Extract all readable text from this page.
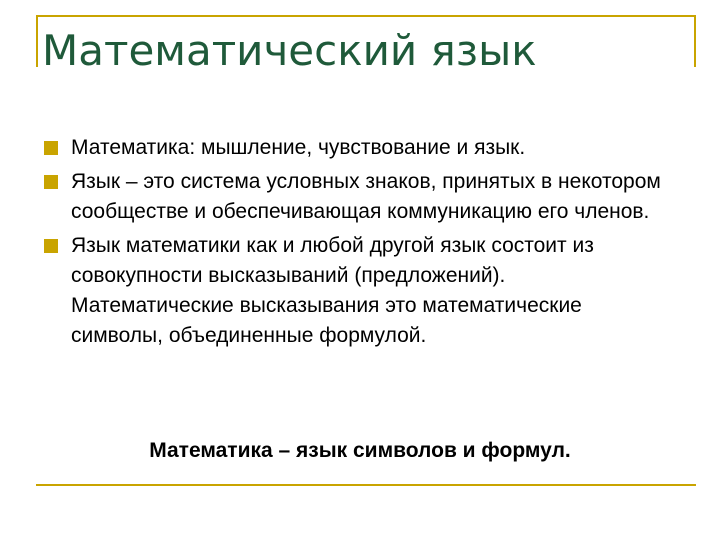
Математический язык
Математика: мышление, чувствование и язык.
Язык – это система условных знаков, принятых в некотором сообществе и обеспечивающая коммуникацию его членов.
Язык математики как и любой другой язык состоит из совокупности высказываний (предложений). Математические высказывания это математические символы, объединенные формулой.

Математика – язык символов и формул.
